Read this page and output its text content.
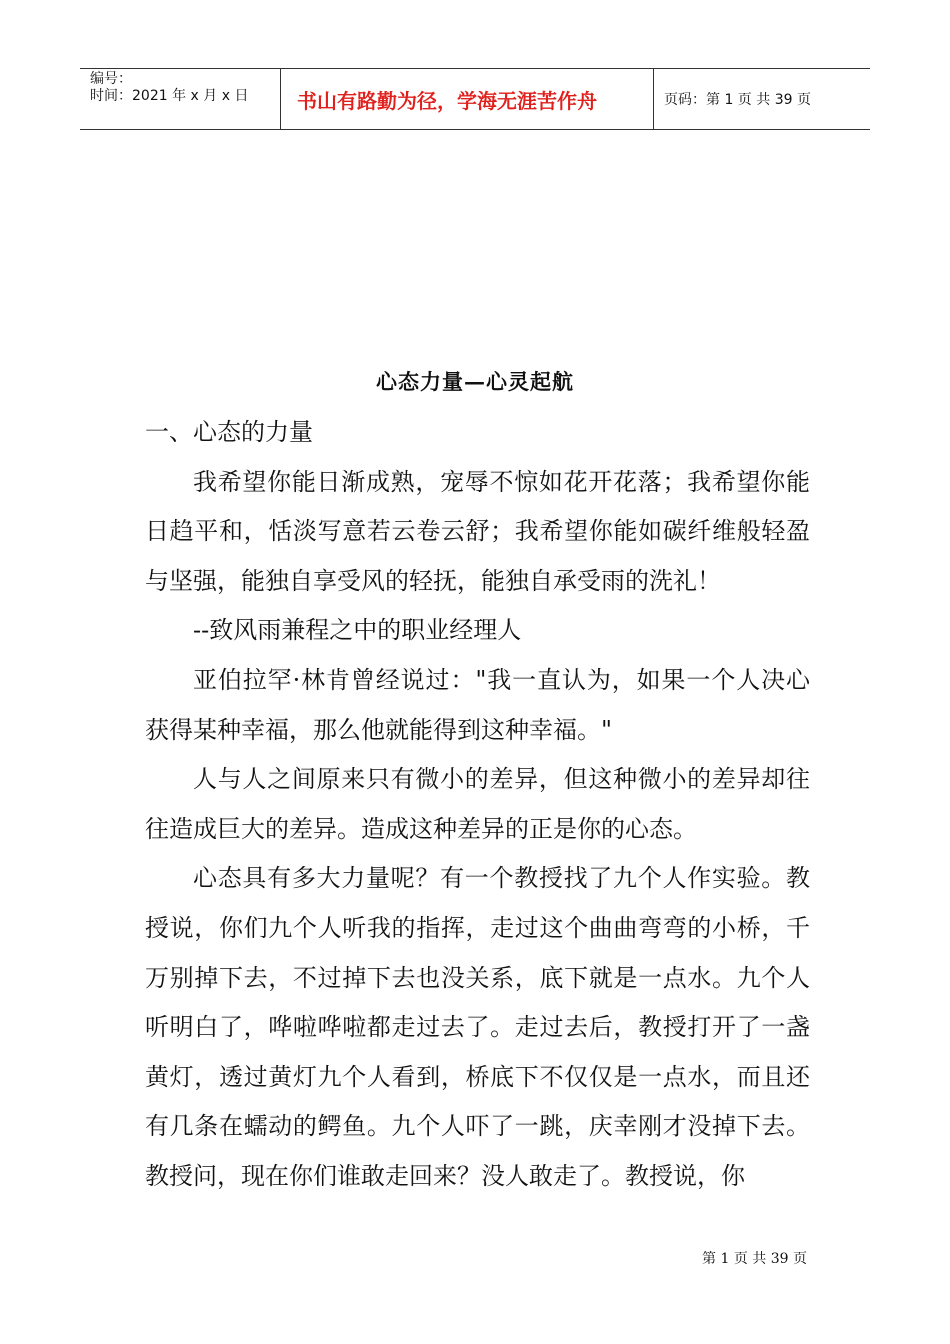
编号：
时间：2021 年 x 月 x 日	书山有路勤为径，学海无涯苦作舟	页码：第 1 页 共 39 页
心态力量—心灵起航

一、心态的力量

我希望你能日渐成熟，宠辱不惊如花开花落；我希望你能日趋平和，恬淡写意若云卷云舒；我希望你能如碳纤维般轻盈与坚强，能独自享受风的轻抚，能独自承受雨的洗礼！

--致风雨兼程之中的职业经理人

亚伯拉罕·林肯曾经说过："我一直认为，如果一个人决心获得某种幸福，那么他就能得到这种幸福。"

人与人之间原来只有微小的差异，但这种微小的差异却往往造成巨大的差异。造成这种差异的正是你的心态。

心态具有多大力量呢？有一个教授找了九个人作实验。教授说，你们九个人听我的指挥，走过这个曲曲弯弯的小桥，千万别掉下去，不过掉下去也没关系，底下就是一点水。九个人听明白了，哗啦哗啦都走过去了。走过去后，教授打开了一盏黄灯，透过黄灯九个人看到，桥底下不仅仅是一点水，而且还有几条在蠕动的鳄鱼。九个人吓了一跳，庆幸刚才没掉下去。教授问，现在你们谁敢走回来？没人敢走了。教授说，你

第 1 页 共 39 页
